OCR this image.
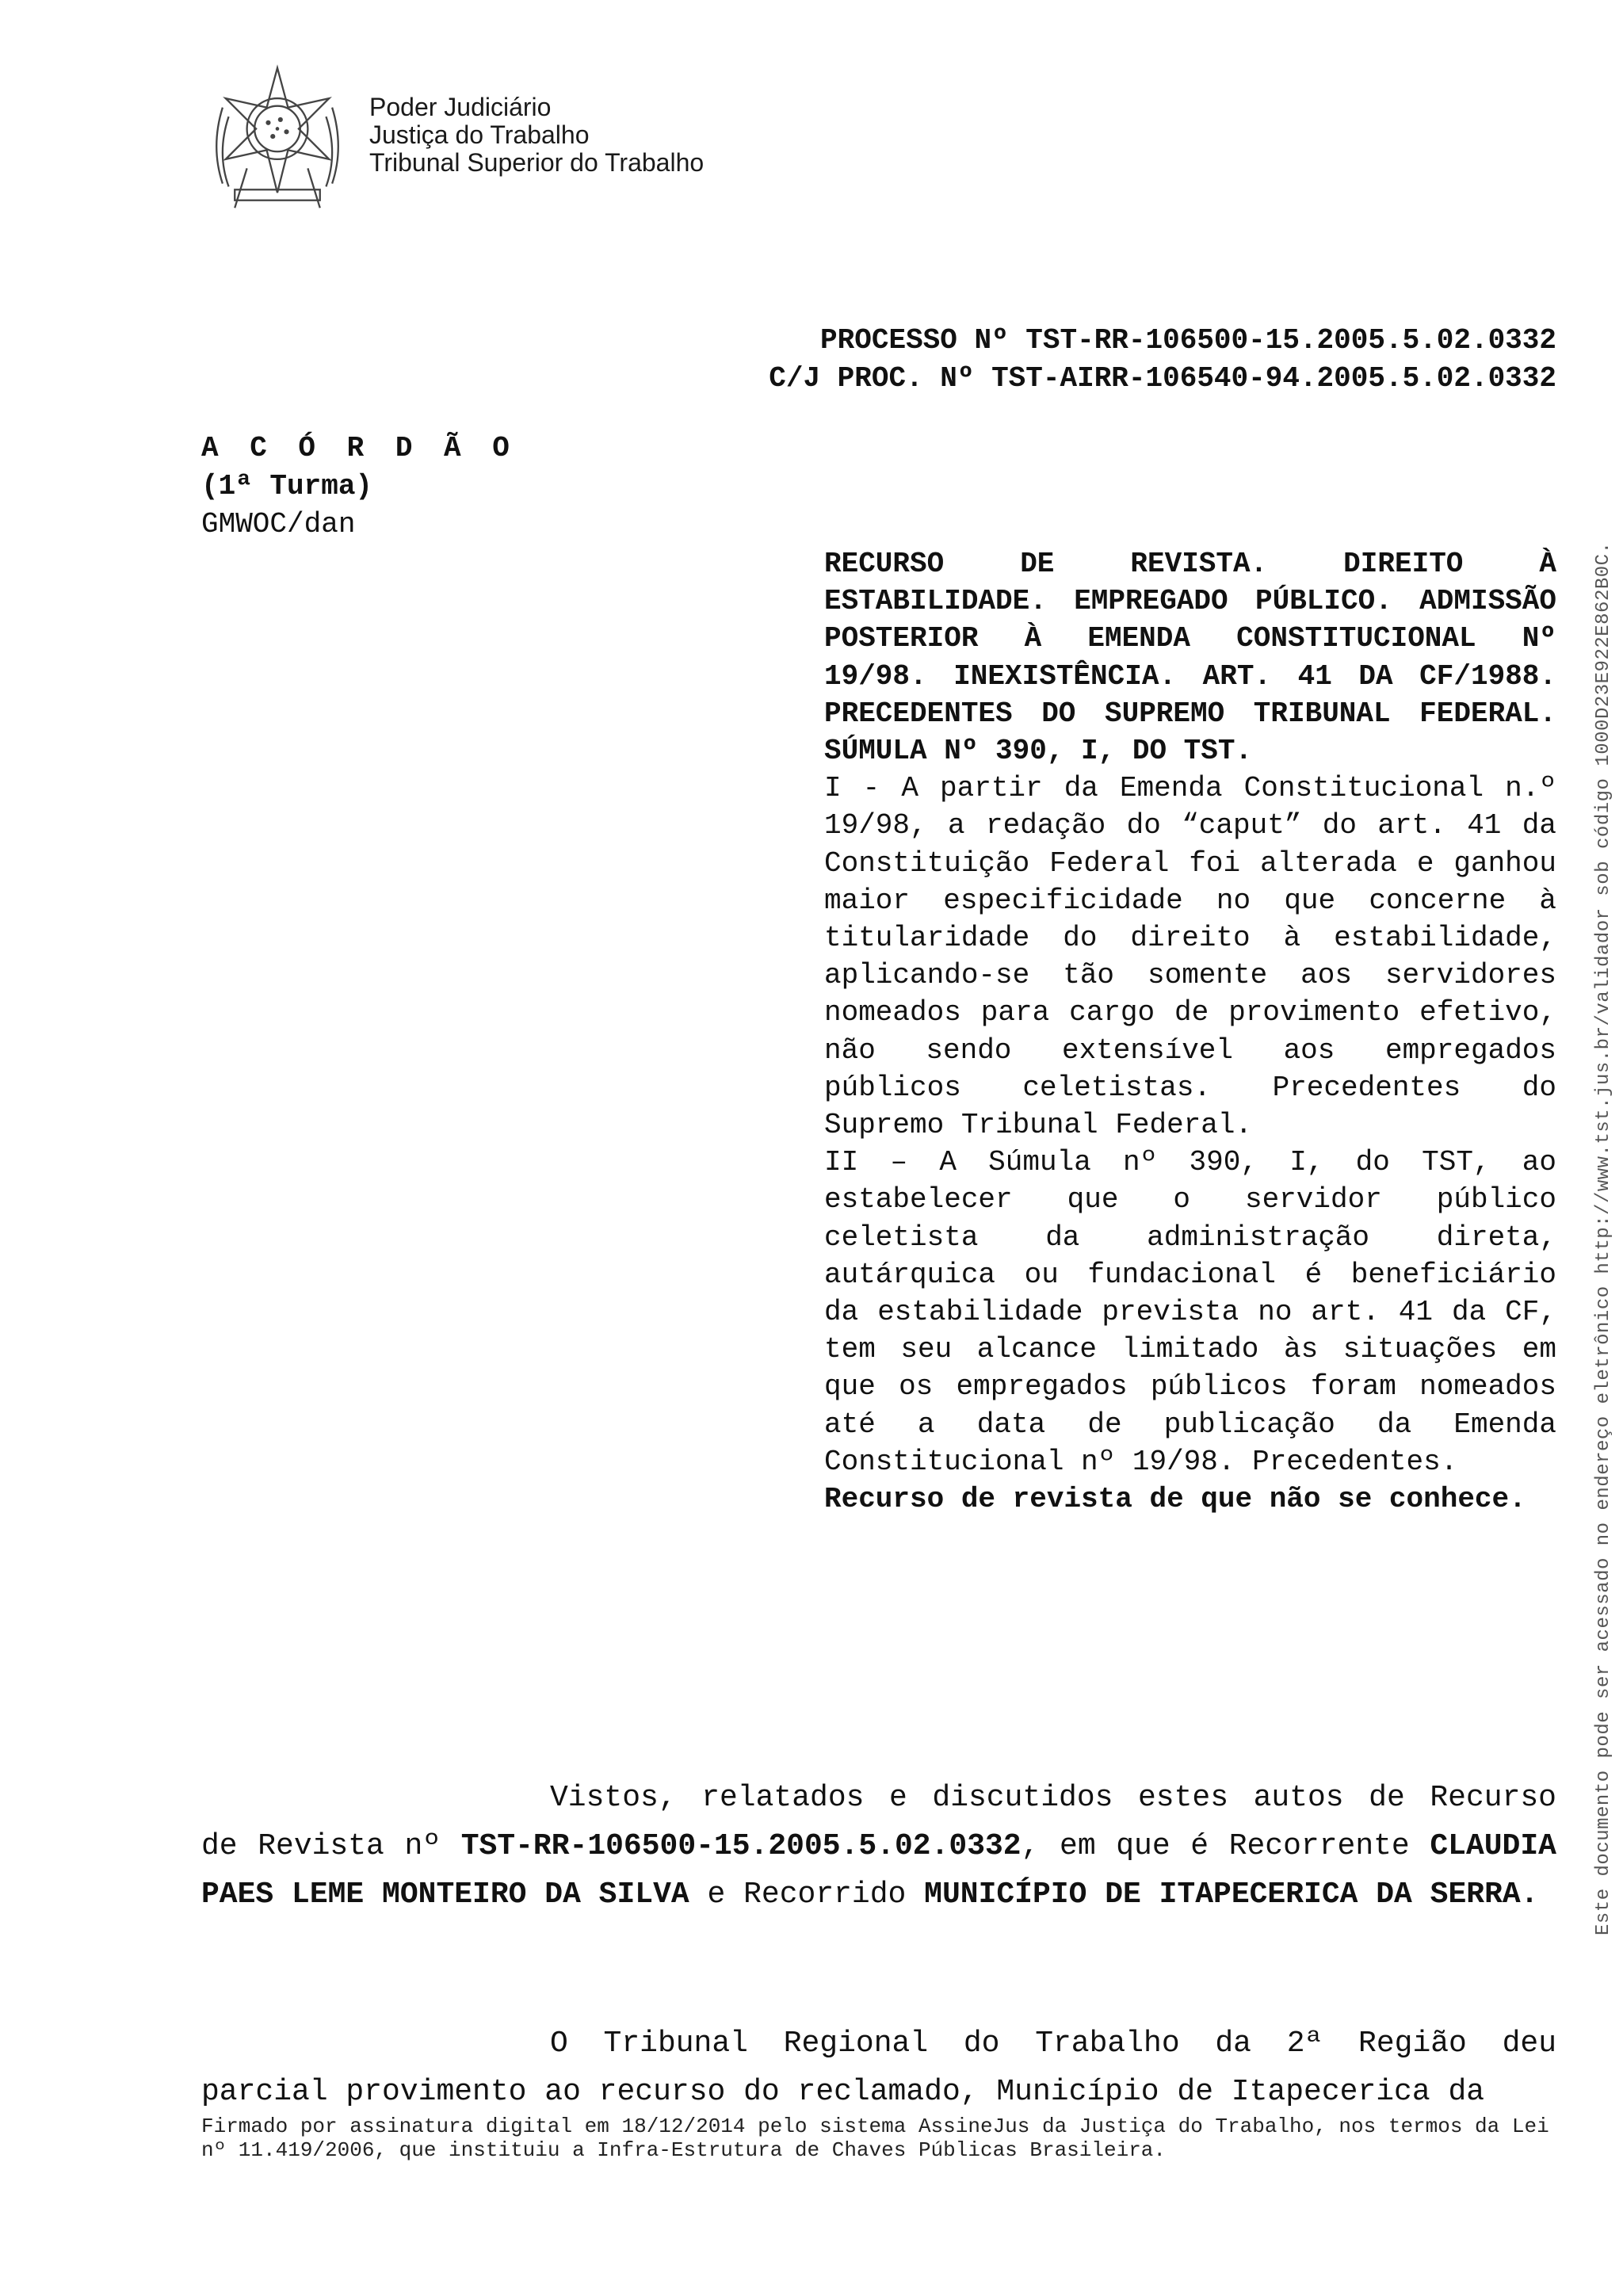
Poder Judiciário
Justiça do Trabalho
Tribunal Superior do Trabalho
PROCESSO Nº TST-RR-106500-15.2005.5.02.0332
C/J PROC. Nº TST-AIRR-106540-94.2005.5.02.0332
A C Ó R D Ã O
(1ª Turma)
GMWOC/dan

RECURSO DE REVISTA. DIREITO À ESTABILIDADE. EMPREGADO PÚBLICO. ADMISSÃO POSTERIOR À EMENDA CONSTITUCIONAL Nº 19/98. INEXISTÊNCIA. ART. 41 DA CF/1988. PRECEDENTES DO SUPREMO TRIBUNAL FEDERAL. SÚMULA Nº 390, I, DO TST.

I - A partir da Emenda Constitucional n.º 19/98, a redação do “caput” do art. 41 da Constituição Federal foi alterada e ganhou maior especificidade no que concerne à titularidade do direito à estabilidade, aplicando-se tão somente aos servidores nomeados para cargo de provimento efetivo, não sendo extensível aos empregados públicos celetistas. Precedentes do Supremo Tribunal Federal.

II – A Súmula nº 390, I, do TST, ao estabelecer que o servidor público celetista da administração direta, autárquica ou fundacional é beneficiário da estabilidade prevista no art. 41 da CF, tem seu alcance limitado às situações em que os empregados públicos foram nomeados até a data de publicação da Emenda Constitucional nº 19/98. Precedentes.

Recurso de revista de que não se conhece.

Vistos, relatados e discutidos estes autos de Recurso de Revista nº TST-RR-106500-15.2005.5.02.0332, em que é Recorrente CLAUDIA PAES LEME MONTEIRO DA SILVA e Recorrido MUNICÍPIO DE ITAPECERICA DA SERRA.

O Tribunal Regional do Trabalho da 2ª Região deu parcial provimento ao recurso do reclamado, Município de Itapecerica da

Firmado por assinatura digital em 18/12/2014 pelo sistema AssineJus da Justiça do Trabalho, nos termos da Lei nº 11.419/2006, que instituiu a Infra-Estrutura de Chaves Públicas Brasileira.
Este documento pode ser acessado no endereço eletrônico http://www.tst.jus.br/validador sob código 1000D23E922E862B0C.
